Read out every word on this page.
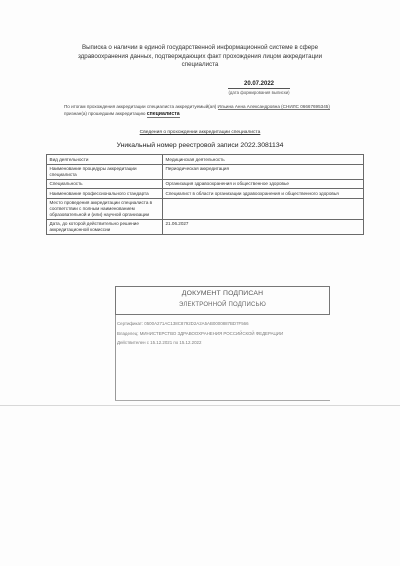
Выписка о наличии в единой государственной информационной системе в сфере здравоохранения данных, подтверждающих факт прохождения лицом аккредитации специалиста
20.07.2022
(дата формирования выписки)
По итогам прохождения аккредитации специалиста аккредитуемый(ая) Ильина Анна Александровна (СНИЛС 06667695345)
признан(а) прошедшим аккредитацию специалиста
Сведения о прохождении аккредитации специалиста
Уникальный номер реестровой записи 2022.3081134
Вид деятельности	Медицинская деятельность
Наименование процедуры аккредитации специалиста	Периодическая аккредитация
Специальность	Организация здравоохранения и общественное здоровье
Наименование профессионального стандарта	Специалист в области организации здравоохранения и общественного здоровья
Место проведения аккредитации специалиста в соответствии с полным наименованием образовательной и (или) научной организации	
Дата, до которой действительно решение аккредитационной комиссии	21.06.2027
ДОКУМЕНТ ПОДПИСАН
ЭЛЕКТРОННОЙ ПОДПИСЬЮ
Сертификат: 0500A271AC138C8792D2A2A5AB0000887BD7F566
Владелец: МИНИСТЕРСТВО ЗДРАВООХРАНЕНИЯ РОССИЙСКОЙ ФЕДЕРАЦИИ
Действителен с 15.12.2021 по 15.12.2022
